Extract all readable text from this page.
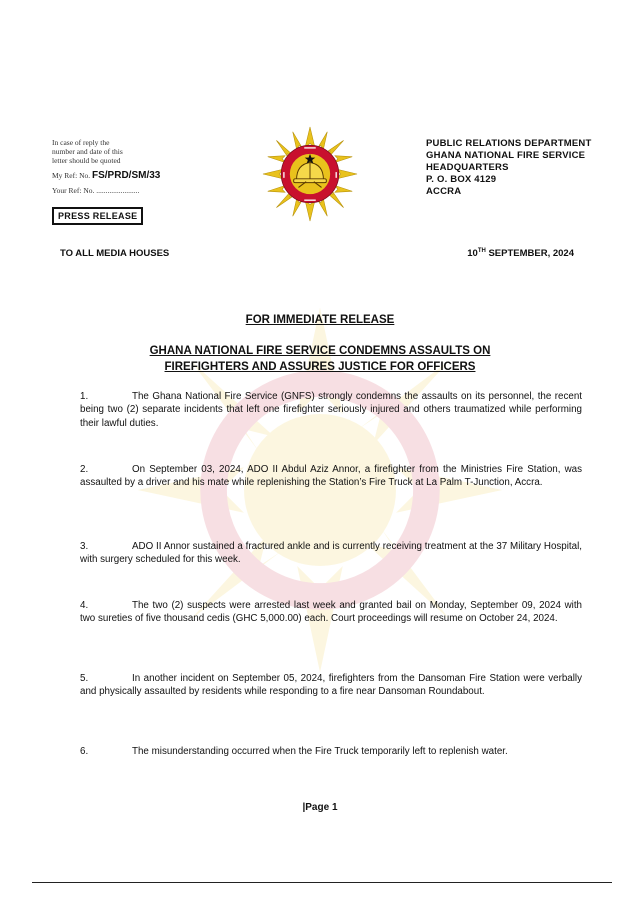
In case of reply the
number and date of this
letter should be quoted
My Ref: No. FS/PRD/SM/33
Your Ref: No. .......................
PRESS RELEASE
PUBLIC RELATIONS DEPARTMENT
GHANA NATIONAL FIRE SERVICE
HEADQUARTERS
P. O. BOX 4129
ACCRA
TO ALL MEDIA HOUSES	10TH SEPTEMBER, 2024
FOR IMMEDIATE RELEASE
GHANA NATIONAL FIRE SERVICE CONDEMNS ASSAULTS ON
FIREFIGHTERS AND ASSURES JUSTICE FOR OFFICERS
1.	The Ghana National Fire Service (GNFS) strongly condemns the assaults on its personnel, the recent being two (2) separate incidents that left one firefighter seriously injured and others traumatized while performing their lawful duties.
2.	On September 03, 2024, ADO II Abdul Aziz Annor, a firefighter from the Ministries Fire Station, was assaulted by a driver and his mate while replenishing the Station’s Fire Truck at La Palm T-Junction, Accra.
3.	ADO II Annor sustained a fractured ankle and is currently receiving treatment at the 37 Military Hospital, with surgery scheduled for this week.
4.	The two (2) suspects were arrested last week and granted bail on Monday, September 09, 2024 with two sureties of five thousand cedis (GHC 5,000.00) each. Court proceedings will resume on October 24, 2024.
5.	In another incident on September 05, 2024, firefighters from the Dansoman Fire Station were verbally and physically assaulted by residents while responding to a fire near Dansoman Roundabout.
6.	The misunderstanding occurred when the Fire Truck temporarily left to replenish water.
|Page 1
